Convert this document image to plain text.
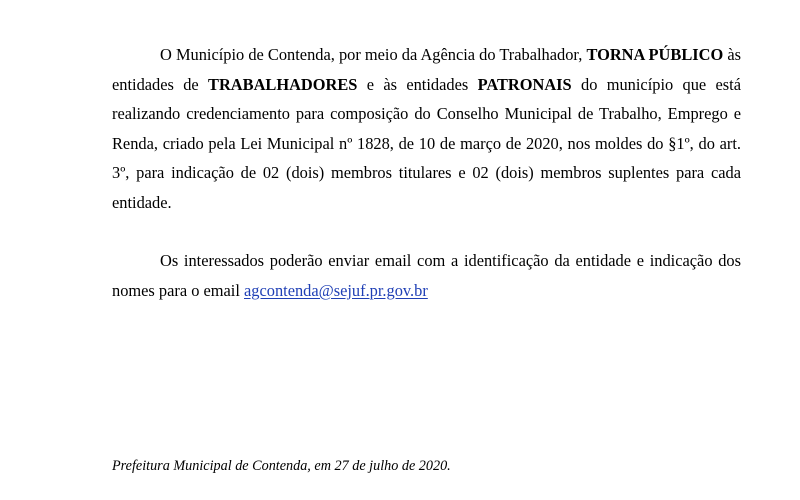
O Município de Contenda, por meio da Agência do Trabalhador, TORNA PÚBLICO às entidades de TRABALHADORES e às entidades PATRONAIS do município que está realizando credenciamento para composição do Conselho Municipal de Trabalho, Emprego e Renda, criado pela Lei Municipal nº 1828, de 10 de março de 2020, nos moldes do §1º, do art. 3º, para indicação de 02 (dois) membros titulares e 02 (dois) membros suplentes para cada entidade.

Os interessados poderão enviar email com a identificação da entidade e indicação dos nomes para o email agcontenda@sejuf.pr.gov.br

Prefeitura Municipal de Contenda, em 27 de julho de 2020.
